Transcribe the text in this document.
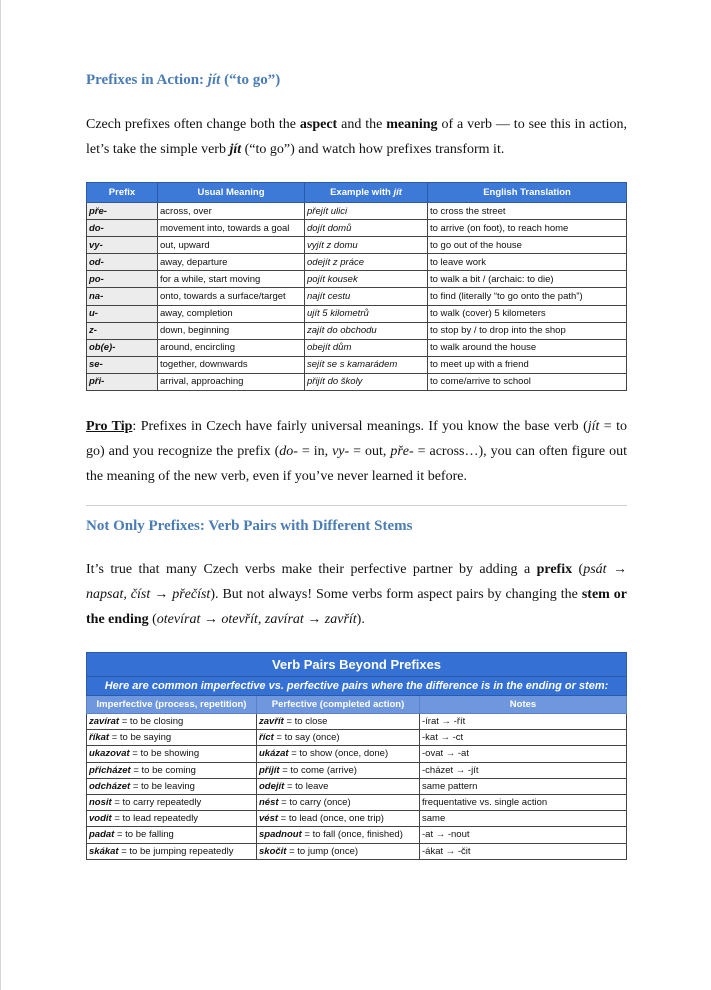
Prefixes in Action: jít (“to go”)

Czech prefixes often change both the aspect and the meaning of a verb — to see this in action, let’s take the simple verb jít (“to go”) and watch how prefixes transform it.

Prefix	Usual Meaning	Example with jít	English Translation
pře-	across, over	přejít ulici	to cross the street
do-	movement into, towards a goal	dojít domů	to arrive (on foot), to reach home
vy-	out, upward	vyjít z domu	to go out of the house
od-	away, departure	odejít z práce	to leave work
po-	for a while, start moving	pojít kousek	to walk a bit / (archaic: to die)
na-	onto, towards a surface/target	najít cestu	to find (literally “to go onto the path”)
u-	away, completion	ujít 5 kilometrů	to walk (cover) 5 kilometers
z-	down, beginning	zajít do obchodu	to stop by / to drop into the shop
ob(e)-	around, encircling	obejít dům	to walk around the house
se-	together, downwards	sejít se s kamarádem	to meet up with a friend
při-	arrival, approaching	přijít do školy	to come/arrive to school

Pro Tip: Prefixes in Czech have fairly universal meanings. If you know the base verb (jít = to go) and you recognize the prefix (do- = in, vy- = out, pře- = across…), you can often figure out the meaning of the new verb, even if you’ve never learned it before.

Not Only Prefixes: Verb Pairs with Different Stems

It’s true that many Czech verbs make their perfective partner by adding a prefix (psát → napsat, číst → přečíst). But not always! Some verbs form aspect pairs by changing the stem or the ending (otevírat → otevřít, zavírat → zavřít).

Verb Pairs Beyond Prefixes		
Here are common imperfective vs. perfective pairs where the difference is in the ending or stem:		
Imperfective (process, repetition)	Perfective (completed action)	Notes
zavírat = to be closing	zavřít = to close	-írat → -řít
říkat = to be saying	říct = to say (once)	-kat → -ct
ukazovat = to be showing	ukázat = to show (once, done)	-ovat → -at
přicházet = to be coming	přijít = to come (arrive)	-cházet → -jít
odcházet = to be leaving	odejít = to leave	same pattern
nosit = to carry repeatedly	nést = to carry (once)	frequentative vs. single action
vodit = to lead repeatedly	vést = to lead (once, one trip)	same
padat = to be falling	spadnout = to fall (once, finished)	-at → -nout
skákat = to be jumping repeatedly	skočit = to jump (once)	-ákat → -čit
